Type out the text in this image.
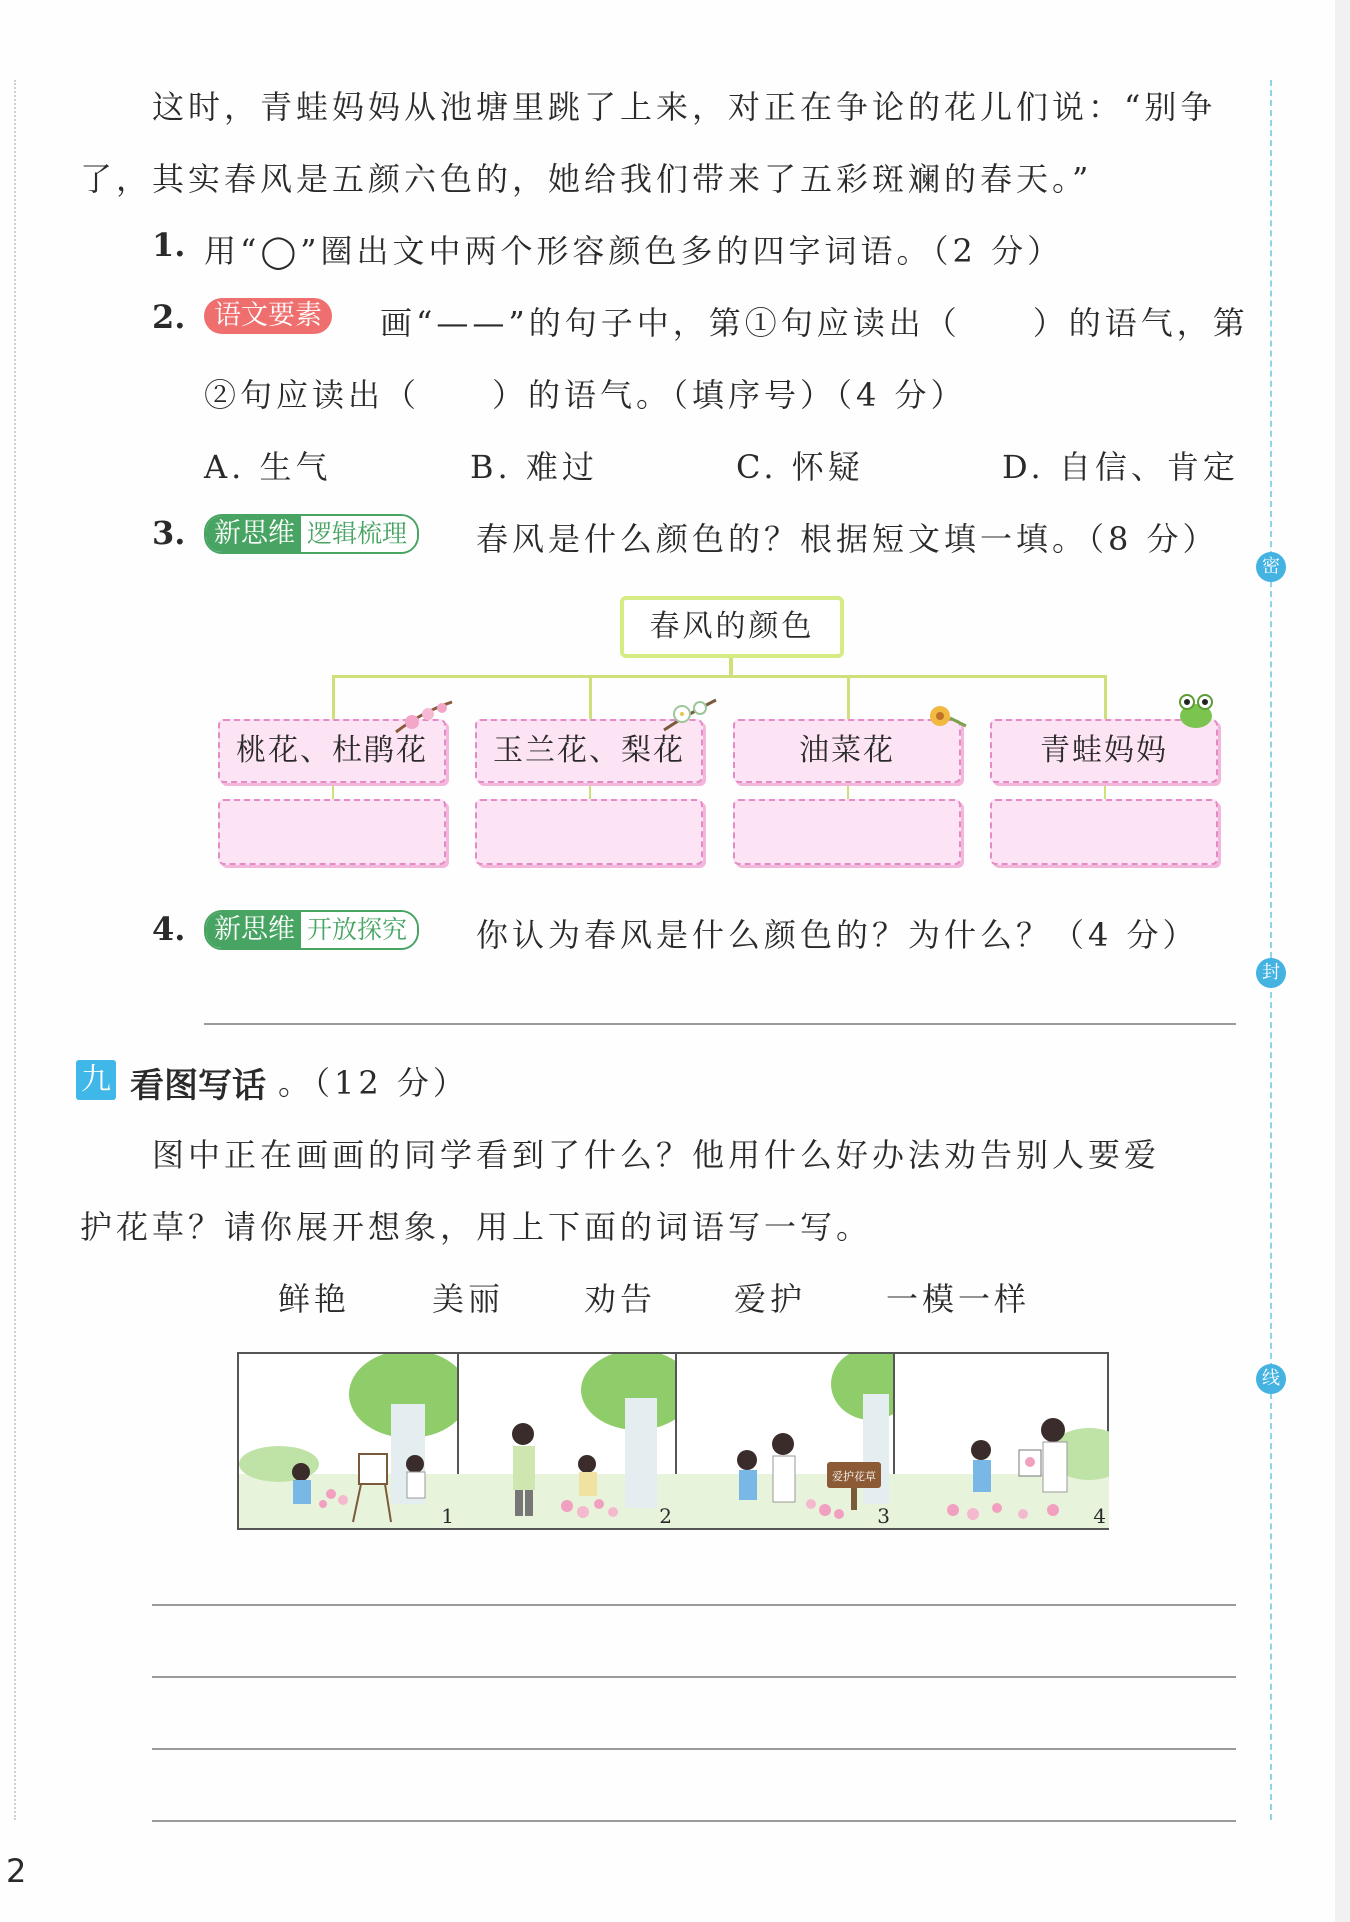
密
封
线
这时，青蛙妈妈从池塘里跳了上来，对正在争论的花儿们说：“别争
了，其实春风是五颜六色的，她给我们带来了五彩斑斓的春天。”
1. 用“◯”圈出文中两个形容颜色多的四字词语。（2 分）
2.	语文要素	画“——”的句子中，第①句应读出（　　）的语气，第
②句应读出（　　）的语气。（填序号）（4 分）
A. 生气	B. 难过	C. 怀疑	D. 自信、肯定
3. 新思维 逻辑梳理	春风是什么颜色的？根据短文填一填。（8 分）
春风的颜色
桃花、杜鹃花	玉兰花、梨花	油菜花	青蛙妈妈
4. 新思维 开放探究	你认为春风是什么颜色的？为什么？（4 分）
九 看图写话 。（12 分）
图中正在画画的同学看到了什么？他用什么好办法劝告别人要爱
护花草？请你展开想象，用上下面的词语写一写。
鲜艳	美丽 劝告 爱护 一模一样
1	2
爱护花草
3	4
2
